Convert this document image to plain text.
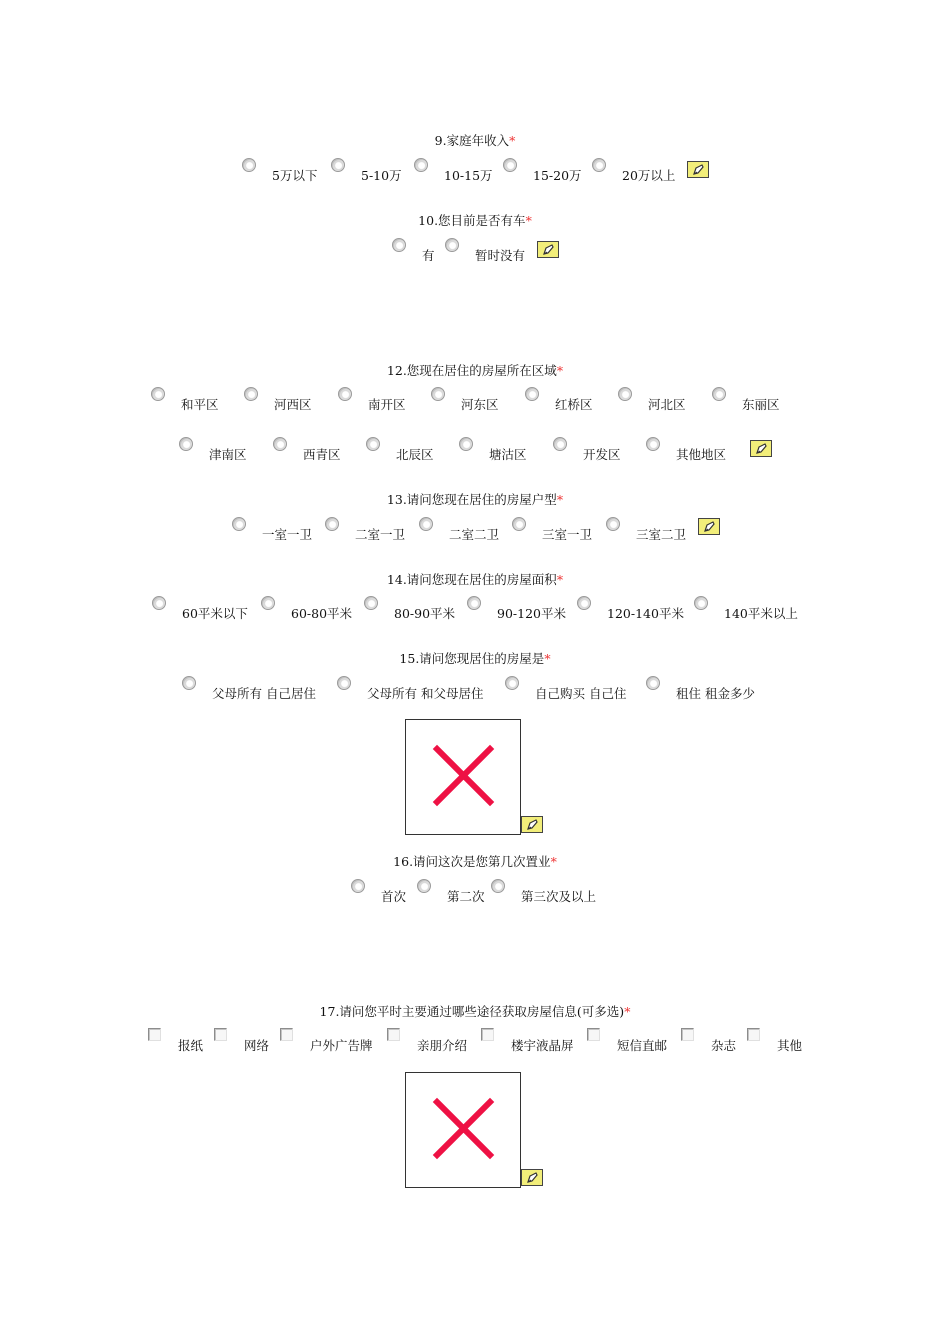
9.家庭年收入*
5万以下	5-10万	10-15万	15-20万	20万以上
10.您目前是否有车*
有	暂时没有
12.您现在居住的房屋所在区域*
和平区	河西区	南开区	河东区	红桥区	河北区	东丽区
津南区	西青区	北辰区	塘沽区	开发区	其他地区
13.请问您现在居住的房屋户型*
一室一卫	二室一卫	二室二卫	三室一卫	三室二卫
14.请问您现在居住的房屋面积*
60平米以下	60-80平米	80-90平米	90-120平米	120-140平米	140平米以上
15.请问您现居住的房屋是*
父母所有 自己居住	父母所有 和父母居住	自己购买 自己住	租住 租金多少
16.请问这次是您第几次置业*
首次	第二次	第三次及以上
17.请问您平时主要通过哪些途径获取房屋信息(可多选)*
报纸	网络	户外广告牌	亲朋介绍	楼宇液晶屏	短信直邮	杂志	其他
